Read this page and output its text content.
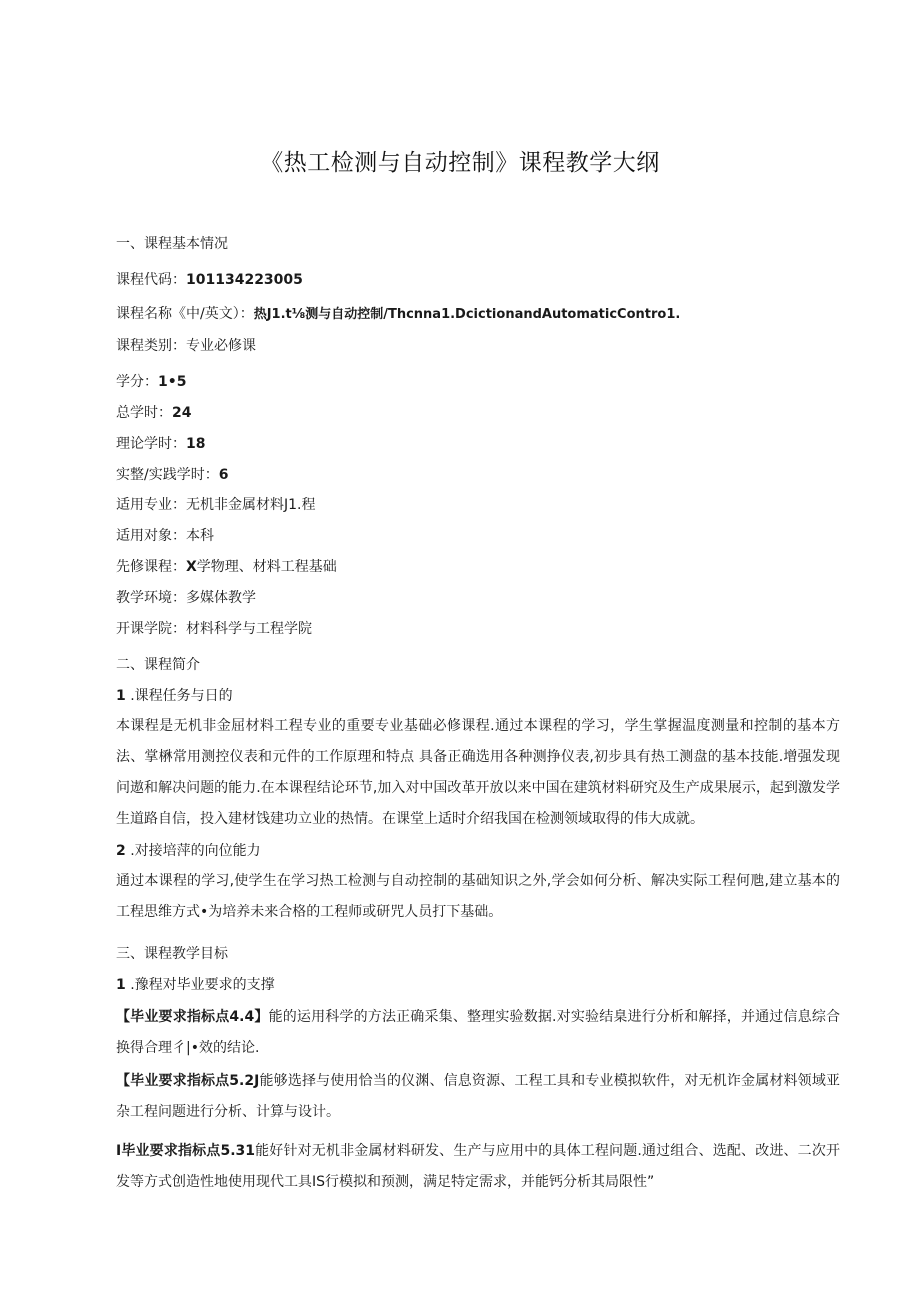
《热工检测与自动控制》课程教学大纲
一、课程基本情况
课程代码：101134223005
课程名称《中/英文）：热J1.t⅛测与自动控制/Thcnna1.DcictionandAutomaticContro1.
课程类别：专业必修课
学分：1•5
总学时：24
理论学时：18
实整/实践学时：6
适用专业：无机非金属材料J1.程
适用对象：本科
先修课程：X学物理、材料工程基础
教学环境：多媒体教学
开课学院：材料科学与工程学院
二、课程简介
1 .课程任务与日的
本课程是无机非金屈材料工程专业的重要专业基础必修课程.通过本课程的学习，学生掌握温度测量和控制的基本方法、掌楙常用测控仪表和元件的工作原理和特点 具备正确选用各种测挣仪表,初步具有热工测盘的基本技能.增强发现问遨和解决问题的能力.在本课程结论环节,加入对中国改革开放以来中国在建筑材料研究及生产成果展示，起到激发学生道路自信，投入建材饯建功立业的热情。在课堂上适时介绍我国在检测领域取得的伟大成就。
2 .对接培萍的向位能力
通过本课程的学习,使学生在学习热工检测与自动控制的基础知识之外,学会如何分析、解决实际工程何虺,建立基本的工程思维方式•为培养未来合格的工程师或研咒人员打下基础。
三、课程教学目标
1 .豫程对毕业要求的支撑
【毕业要求指标点4.4】能的运用科学的方法正确采集、整理实验数据.对实验结臬进行分析和解择，并通过信息综合换得合理彳|•效的结论.
【毕业要求指标点5.2J能够选择与使用恰当的仪渊、信息资源、工程工具和专业模拟软件，对无机诈金属材料领域亚杂工程问题进行分析、计算与设计。
I毕业要求指标点5.31能好针对无机非金属材料研发、生产与应用中的具体工程问题.通过组合、选配、改进、二次开发等方式创造性地使用现代工具IS行模拟和预测，满足特定需求，并能钙分析其局限性”
